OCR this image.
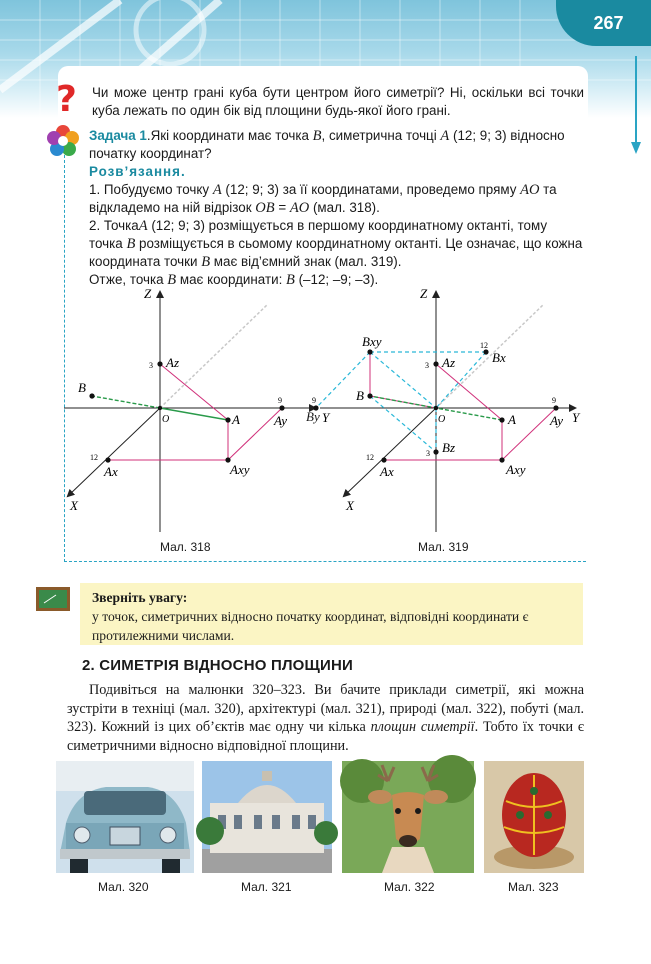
267
? Чи може центр грані куба бути центром його симетрії? Ні, оскільки всі точки куба лежать по один бік від площини будь-якої його грані.

Задача 1.Які координати має точка B, симетрична точці A (12; 9; 3) відносно початку координат?

Розв’язання.

1. Побудуємо точку A (12; 9; 3) за її координатами, проведемо пряму AO та відкладемо на ній відрізок OB = AO (мал. 318).

2. ТочкаA (12; 9; 3) розміщується в першому координатному октанті, тому точка B розміщується в сьомому координатному октанті. Це означає, що кожна координата точки B має від’ємний знак (мал. 319).

Отже, точка B має координати: B (–12; –9; –3).

Z
Y
X
O
3
9
12
Az
A
B
Axy
Ax
Ay
Мал. 318
Z
Y
X
O
3
9
12	3
9
12
Az
A
B
Bxy
Bx
Bz
Axy
Ax
Ay
By
Мал. 319
Зверніть увагу:
у точок, симетричних відносно початку координат, відповідні координати є протилежними числами.
2. СИМЕТРІЯ ВІДНОСНО ПЛОЩИНИ

Подивіться на малюнки 320–323. Ви бачите приклади симетрії, які можна зустріти в техніці (мал. 320), архітектурі (мал. 321), природі (мал. 322), побуті (мал. 323). Кожний із цих об’єктів має одну чи кілька площин симетрії. Тобто їх точки є симетричними відносно відповідної площини.

Мал. 320	Мал. 321	Мал. 322	Мал. 323
